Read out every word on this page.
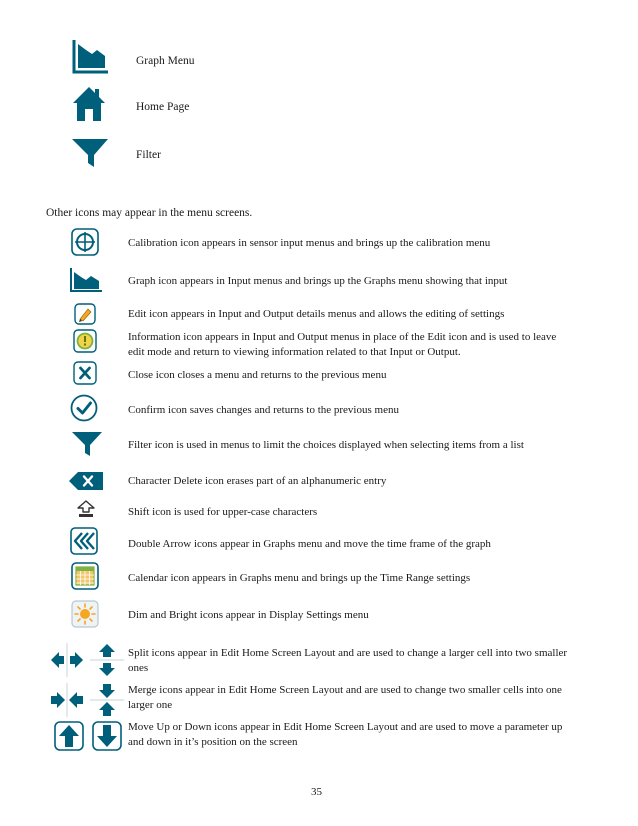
Graph Menu
Home Page
Filter
Other icons may appear in the menu screens.
Calibration icon appears in sensor input menus and brings up the calibration menu
Graph icon appears in Input menus and brings up the Graphs menu showing that input
Edit icon appears in Input and Output details menus and allows the editing of settings
Information icon appears in Input and Output menus in place of the Edit icon and is used to leave edit mode and return to viewing information related to that Input or Output.
Close icon closes a menu and returns to the previous menu
Confirm icon saves changes and returns to the previous menu
Filter icon is used in menus to limit the choices displayed when selecting items from a list
Character Delete icon erases part of an alphanumeric entry
Shift icon is used for upper-case characters
Double Arrow icons appear in Graphs menu and move the time frame of the graph
Calendar icon appears in Graphs menu and brings up the Time Range settings
Dim and Bright icons appear in Display Settings menu
Split icons appear in Edit Home Screen Layout and are used to change a larger cell into two smaller ones
Merge icons appear in Edit Home Screen Layout and are used to change two smaller cells into one larger one
Move Up or Down icons appear in Edit Home Screen Layout and are used to move a parameter up and down in it’s position on the screen
35
